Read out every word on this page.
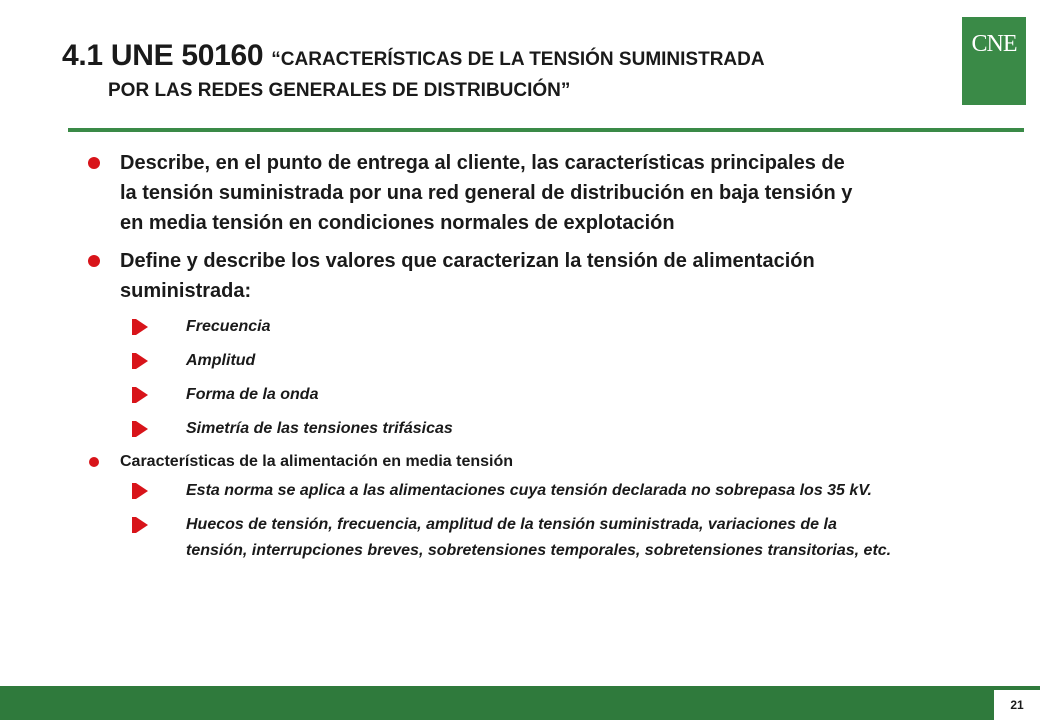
4.1 UNE 50160 “CARACTERÍSTICAS DE LA TENSIÓN SUMINISTRADA
POR LAS REDES GENERALES DE DISTRIBUCIÓN”
CNE
Describe, en el punto de entrega al cliente, las características principales de la tensión suministrada por una red general de distribución en baja tensión y en media tensión en condiciones normales de explotación
Define y describe los valores que caracterizan la tensión de alimentación suministrada:
Frecuencia
Amplitud
Forma de la onda
Simetría de las tensiones trifásicas
Características de la alimentación en media tensión
Esta norma se aplica a las alimentaciones cuya tensión declarada no sobrepasa los 35 kV.
Huecos de tensión, frecuencia, amplitud de la tensión suministrada, variaciones de la tensión, interrupciones breves, sobretensiones temporales, sobretensiones transitorias, etc.
21
